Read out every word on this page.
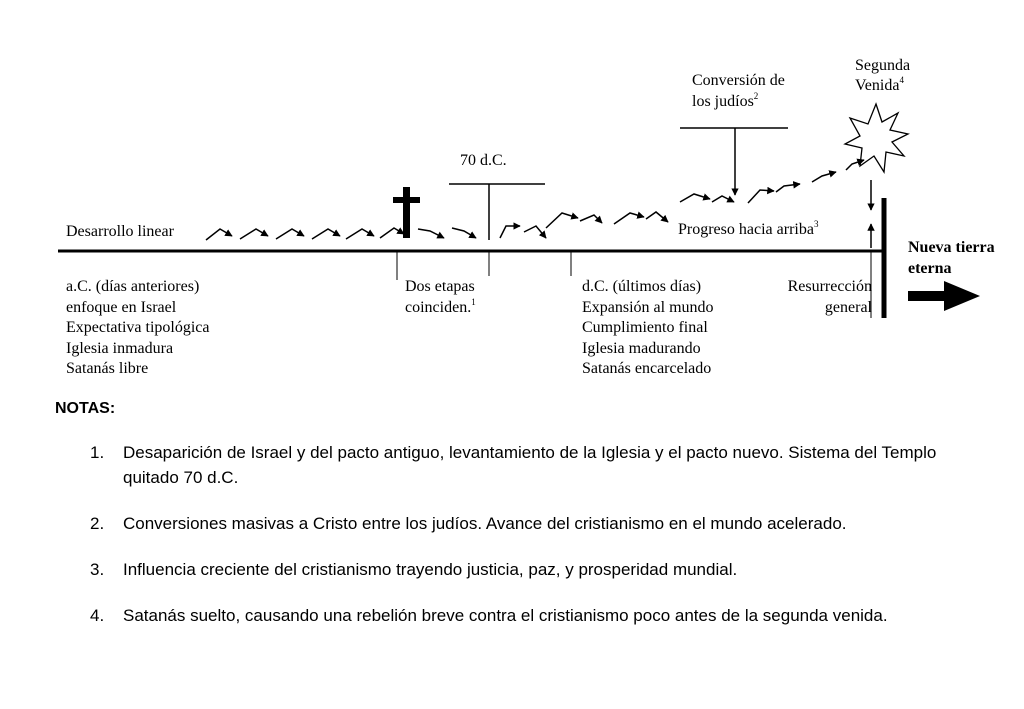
Conversión de
los judíos$^2$
Segunda
Venida$^4$
70 d.C.
Desarrollo linear	Progreso hacia arriba$^3$
Nueva tierra
eterna
a.C. (días anteriores)
enfoque en Israel
Expectativa tipológica
Iglesia inmadura
Satanás libre
Dos etapas
coinciden.$^1$
d.C. (últimos días)
Expansión al mundo
Cumplimiento final
Iglesia madurando
Satanás encarcelado
Resurrección
general
NOTAS:
1. Desaparición de Israel y del pacto antiguo, levantamiento de la Iglesia y el pacto nuevo. Sistema del Templo quitado 70 d.C.
2. Conversiones masivas a Cristo entre los judíos. Avance del cristianismo en el mundo acelerado.
3. Influencia creciente del cristianismo trayendo justicia, paz, y prosperidad mundial.
4. Satanás suelto, causando una rebelión breve contra el cristianismo poco antes de la segunda venida.
